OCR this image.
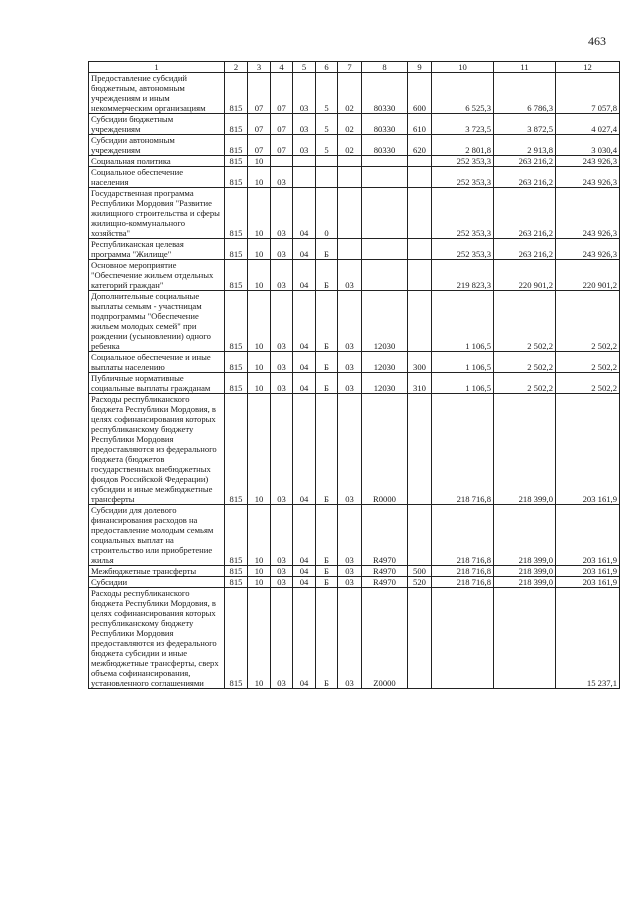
463
1	2	3	4	5	6	7	8	9	10	11	12
Предоставление субсидий бюджетным, автономным учреждениям и иным некоммерческим организациям	815	07	07	03	5	02	80330	600	6 525,3	6 786,3	7 057,8
Субсидии бюджетным учреждениям	815	07	07	03	5	02	80330	610	3 723,5	3 872,5	4 027,4
Субсидии автономным учреждениям	815	07	07	03	5	02	80330	620	2 801,8	2 913,8	3 030,4
Социальная политика	815	10							252 353,3	263 216,2	243 926,3
Социальное обеспечение населения	815	10	03						252 353,3	263 216,2	243 926,3
Государственная программа Республики Мордовия "Развитие жилищного строительства и сферы жилищно-коммунального хозяйства"	815	10	03	04	0				252 353,3	263 216,2	243 926,3
Республиканская целевая программа "Жилище"	815	10	03	04	Б				252 353,3	263 216,2	243 926,3
Основное мероприятие "Обеспечение жильем отдельных категорий граждан"	815	10	03	04	Б	03			219 823,3	220 901,2	220 901,2
Дополнительные социальные выплаты семьям - участницам подпрограммы "Обеспечение жильем молодых семей" при рождении (усыновлении) одного ребенка	815	10	03	04	Б	03	12030		1 106,5	2 502,2	2 502,2
Социальное обеспечение и иные выплаты населению	815	10	03	04	Б	03	12030	300	1 106,5	2 502,2	2 502,2
Публичные нормативные социальные выплаты гражданам	815	10	03	04	Б	03	12030	310	1 106,5	2 502,2	2 502,2
Расходы республиканского бюджета Республики Мордовия, в целях софинансирования которых республиканскому бюджету Республики Мордовия предоставляются из федерального бюджета (бюджетов государственных внебюджетных фондов Российской Федерации) субсидии и иные межбюджетные трансферты	815	10	03	04	Б	03	R0000		218 716,8	218 399,0	203 161,9
Субсидии для долевого финансирования расходов на предоставление молодым семьям социальных выплат на строительство или приобретение жилья	815	10	03	04	Б	03	R4970		218 716,8	218 399,0	203 161,9
Межбюджетные трансферты	815	10	03	04	Б	03	R4970	500	218 716,8	218 399,0	203 161,9
Субсидии	815	10	03	04	Б	03	R4970	520	218 716,8	218 399,0	203 161,9
Расходы республиканского бюджета Республики Мордовия, в целях софинансирования которых республиканскому бюджету Республики Мордовия предоставляются из федерального бюджета субсидии и иные межбюджетные трансферты, сверх объема софинансирования, установленного соглашениями	815	10	03	04	Б	03	Z0000				15 237,1
